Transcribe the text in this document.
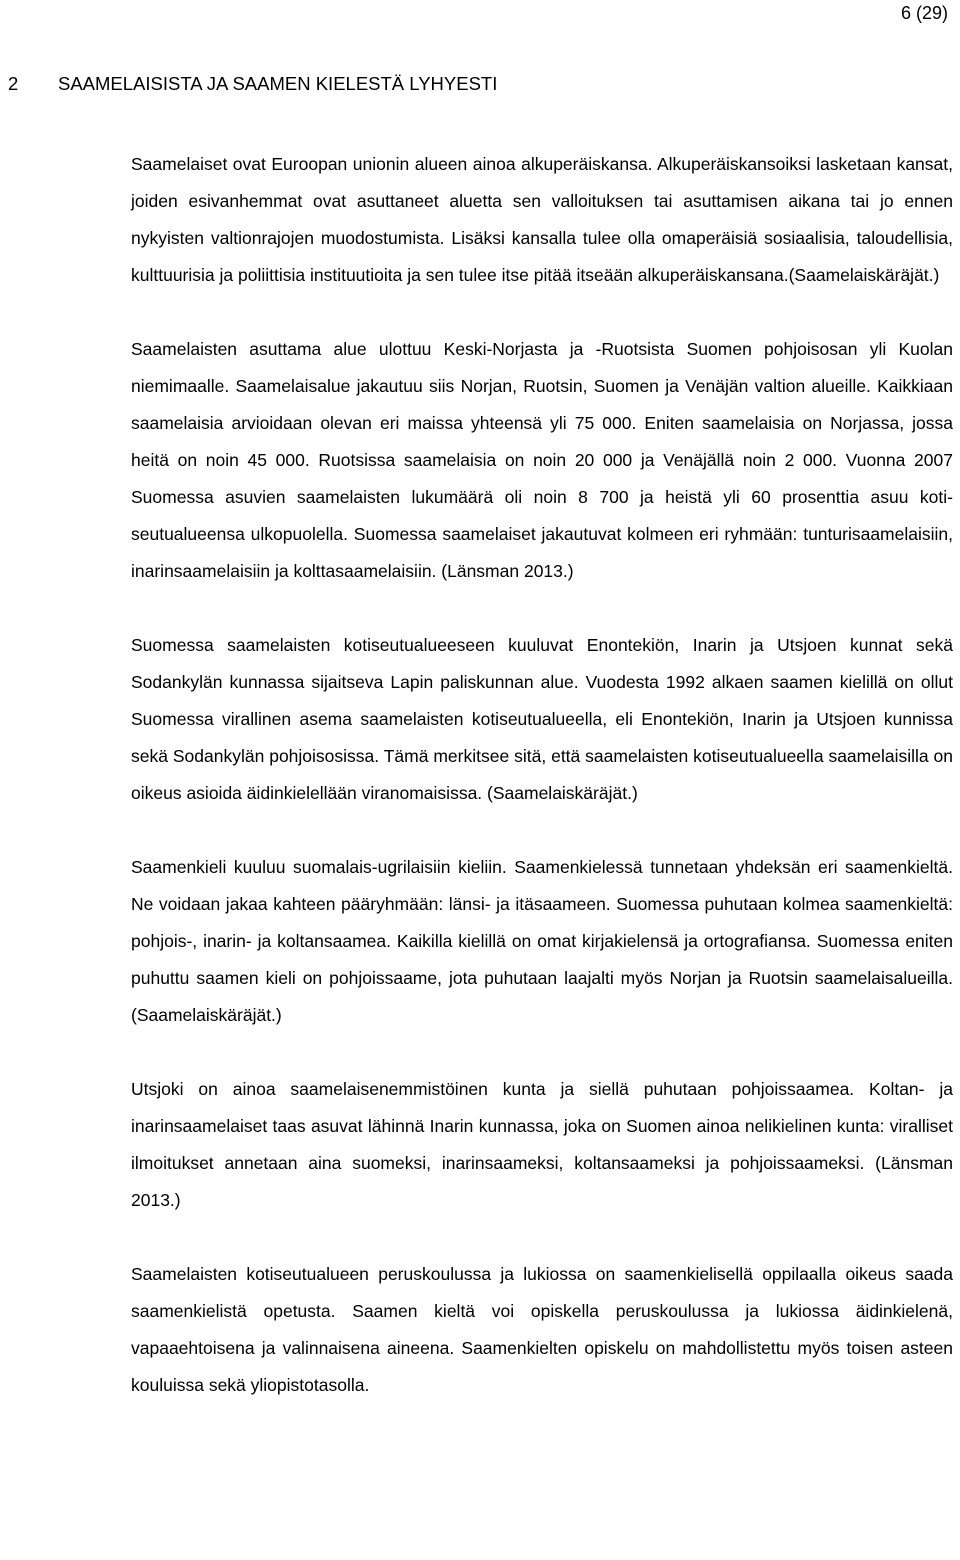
6 (29)
2 SAAMELAISISTA JA SAAMEN KIELESTÄ LYHYESTI

Saamelaiset ovat Euroopan unionin alueen ainoa alkuperäiskansa. Alkuperäiskansoiksi lasketaan kansat, joiden esivanhemmat ovat asuttaneet aluetta sen valloituksen tai asuttamisen aikana tai jo ennen nykyisten valtionrajojen muodostumista. Lisäksi kansalla tulee olla omaperäisiä sosiaalisia, taloudellisia, kulttuurisia ja poliittisia instituutioita ja sen tulee itse pitää itseään alkuperäiskansana.(Saamelaiskäräjät.)

Saamelaisten asuttama alue ulottuu Keski-Norjasta ja -Ruotsista Suomen pohjoisosan yli Kuolan niemimaalle. Saamelaisalue jakautuu siis Norjan, Ruotsin, Suomen ja Venäjän valtion alueille. Kaikkiaan saamelaisia arvioidaan olevan eri maissa yhteensä yli 75 000. Eniten saamelaisia on Norjassa, jossa heitä on noin 45 000. Ruotsissa saamelaisia on noin 20 000 ja Venäjällä noin 2 000. Vuonna 2007 Suomessa asuvien saamelaisten lukumäärä oli noin 8 700 ja heistä yli 60 prosenttia asuu kotiseutualueensa ulkopuolella. Suomessa saamelaiset jakautuvat kolmeen eri ryhmään: tunturisaamelaisiin, inarinsaamelaisiin ja kolttasaamelaisiin. (Länsman 2013.)

Suomessa saamelaisten kotiseutualueeseen kuuluvat Enontekiön, Inarin ja Utsjoen kunnat sekä Sodankylän kunnassa sijaitseva Lapin paliskunnan alue. Vuodesta 1992 alkaen saamen kielillä on ollut Suomessa virallinen asema saamelaisten kotiseutualueella, eli Enontekiön, Inarin ja Utsjoen kunnissa sekä Sodankylän pohjoisosissa. Tämä merkitsee sitä, että saamelaisten kotiseutualueella saamelaisilla on oikeus asioida äidinkielellään viranomaisissa. (Saamelaiskäräjät.)

Saamenkieli kuuluu suomalais-ugrilaisiin kieliin. Saamenkielessä tunnetaan yhdeksän eri saamenkieltä. Ne voidaan jakaa kahteen pääryhmään: länsi- ja itäsaameen. Suomessa puhutaan kolmea saamenkieltä: pohjois-, inarin- ja koltansaamea. Kaikilla kielillä on omat kirjakielensä ja ortografiansa. Suomessa eniten puhuttu saamen kieli on pohjoissaame, jota puhutaan laajalti myös Norjan ja Ruotsin saamelaisalueilla. (Saamelaiskäräjät.)

Utsjoki on ainoa saamelaisenemmistöinen kunta ja siellä puhutaan pohjoissaamea. Koltan- ja inarinsaamelaiset taas asuvat lähinnä Inarin kunnassa, joka on Suomen ainoa nelikielinen kunta: viralliset ilmoitukset annetaan aina suomeksi, inarinsaameksi, koltansaameksi ja pohjoissaameksi. (Länsman 2013.)

Saamelaisten kotiseutualueen peruskoulussa ja lukiossa on saamenkielisellä oppilaalla oikeus saada saamenkielistä opetusta. Saamen kieltä voi opiskella peruskoulussa ja lukiossa äidinkielenä, vapaaehtoisena ja valinnaisena aineena. Saamenkielten opiskelu on mahdollistettu myös toisen asteen kouluissa sekä yliopistotasolla.
